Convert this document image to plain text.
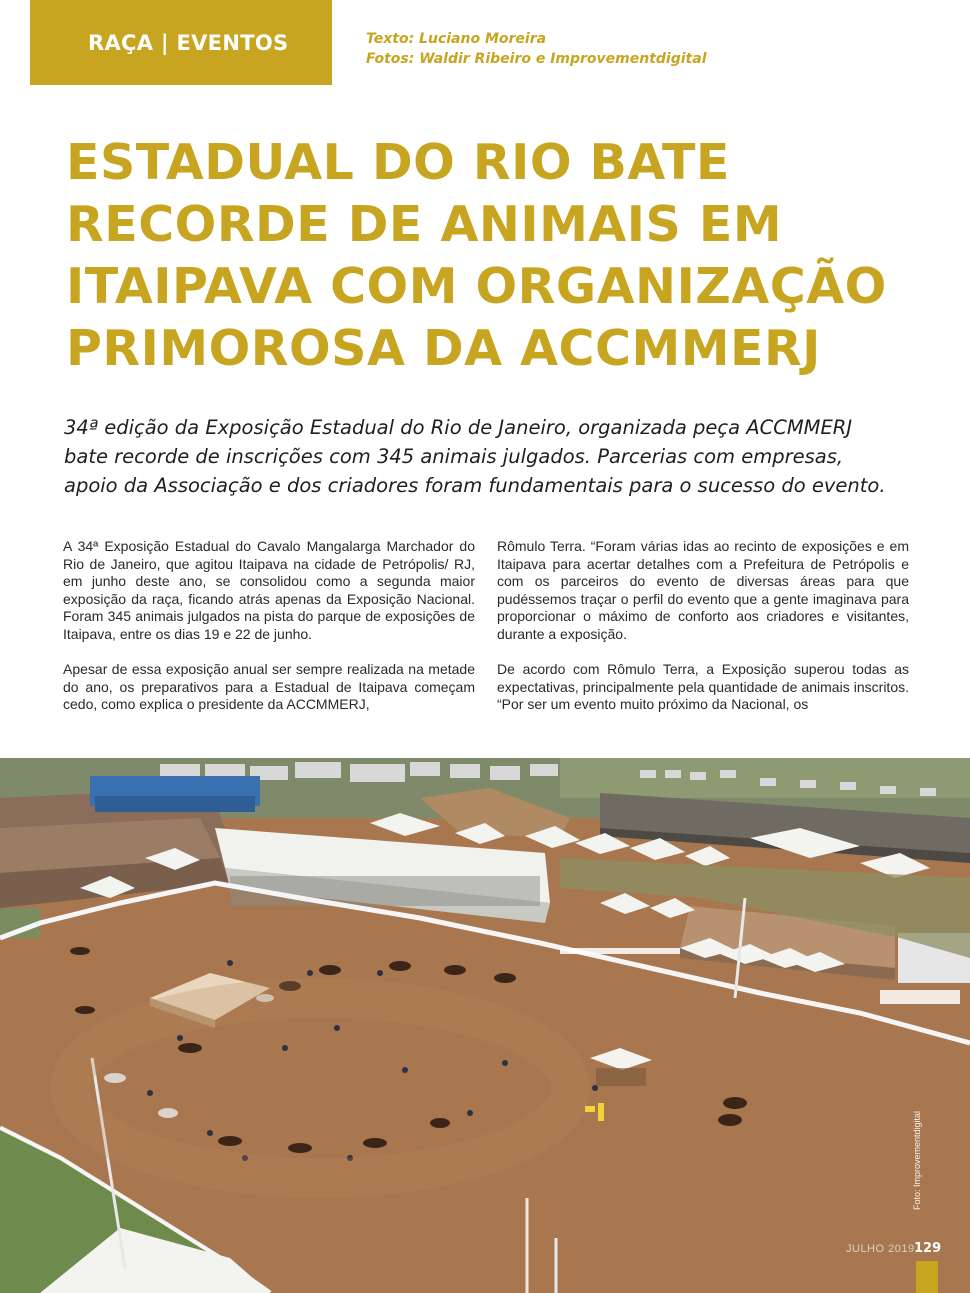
RAÇA | EVENTOS	Texto: Luciano Moreira
Fotos: Waldir Ribeiro e Improvementdigital
ESTADUAL DO RIO BATE
RECORDE DE ANIMAIS EM
ITAIPAVA COM ORGANIZAÇÃO
PRIMOROSA DA ACCMMERJ
34ª edição da Exposição Estadual do Rio de Janeiro, organizada peça ACCMMERJ
bate recorde de inscrições com 345 animais julgados. Parcerias com empresas,
apoio da Associação e dos criadores foram fundamentais para o sucesso do evento.

A 34ª Exposição Estadual do Cavalo Mangalarga Marchador do Rio de Janeiro, que agitou Itaipava na cidade de Petrópolis/ RJ, em junho deste ano, se consolidou como a segunda maior exposição da raça, ficando atrás apenas da Exposição Nacional. Foram 345 animais julgados na pista do parque de exposições de Itaipava, entre os dias 19 e 22 de junho.

Apesar de essa exposição anual ser sempre realizada na metade do ano, os preparativos para a Estadual de Itaipava começam cedo, como explica o presidente da ACCMMERJ,

Rômulo Terra. “Foram várias idas ao recinto de exposições e em Itaipava para acertar detalhes com a Prefeitura de Petrópolis e com os parceiros do evento de diversas áreas para que pudéssemos traçar o perfil do evento que a gente imaginava para proporcionar o máximo de conforto aos criadores e visitantes, durante a exposição.

De acordo com Rômulo Terra, a Exposição superou todas as expectativas, principalmente pela quantidade de animais inscritos. “Por ser um evento muito próximo da Nacional, os

Foto: Improvementdigital
JULHO 2019 129
